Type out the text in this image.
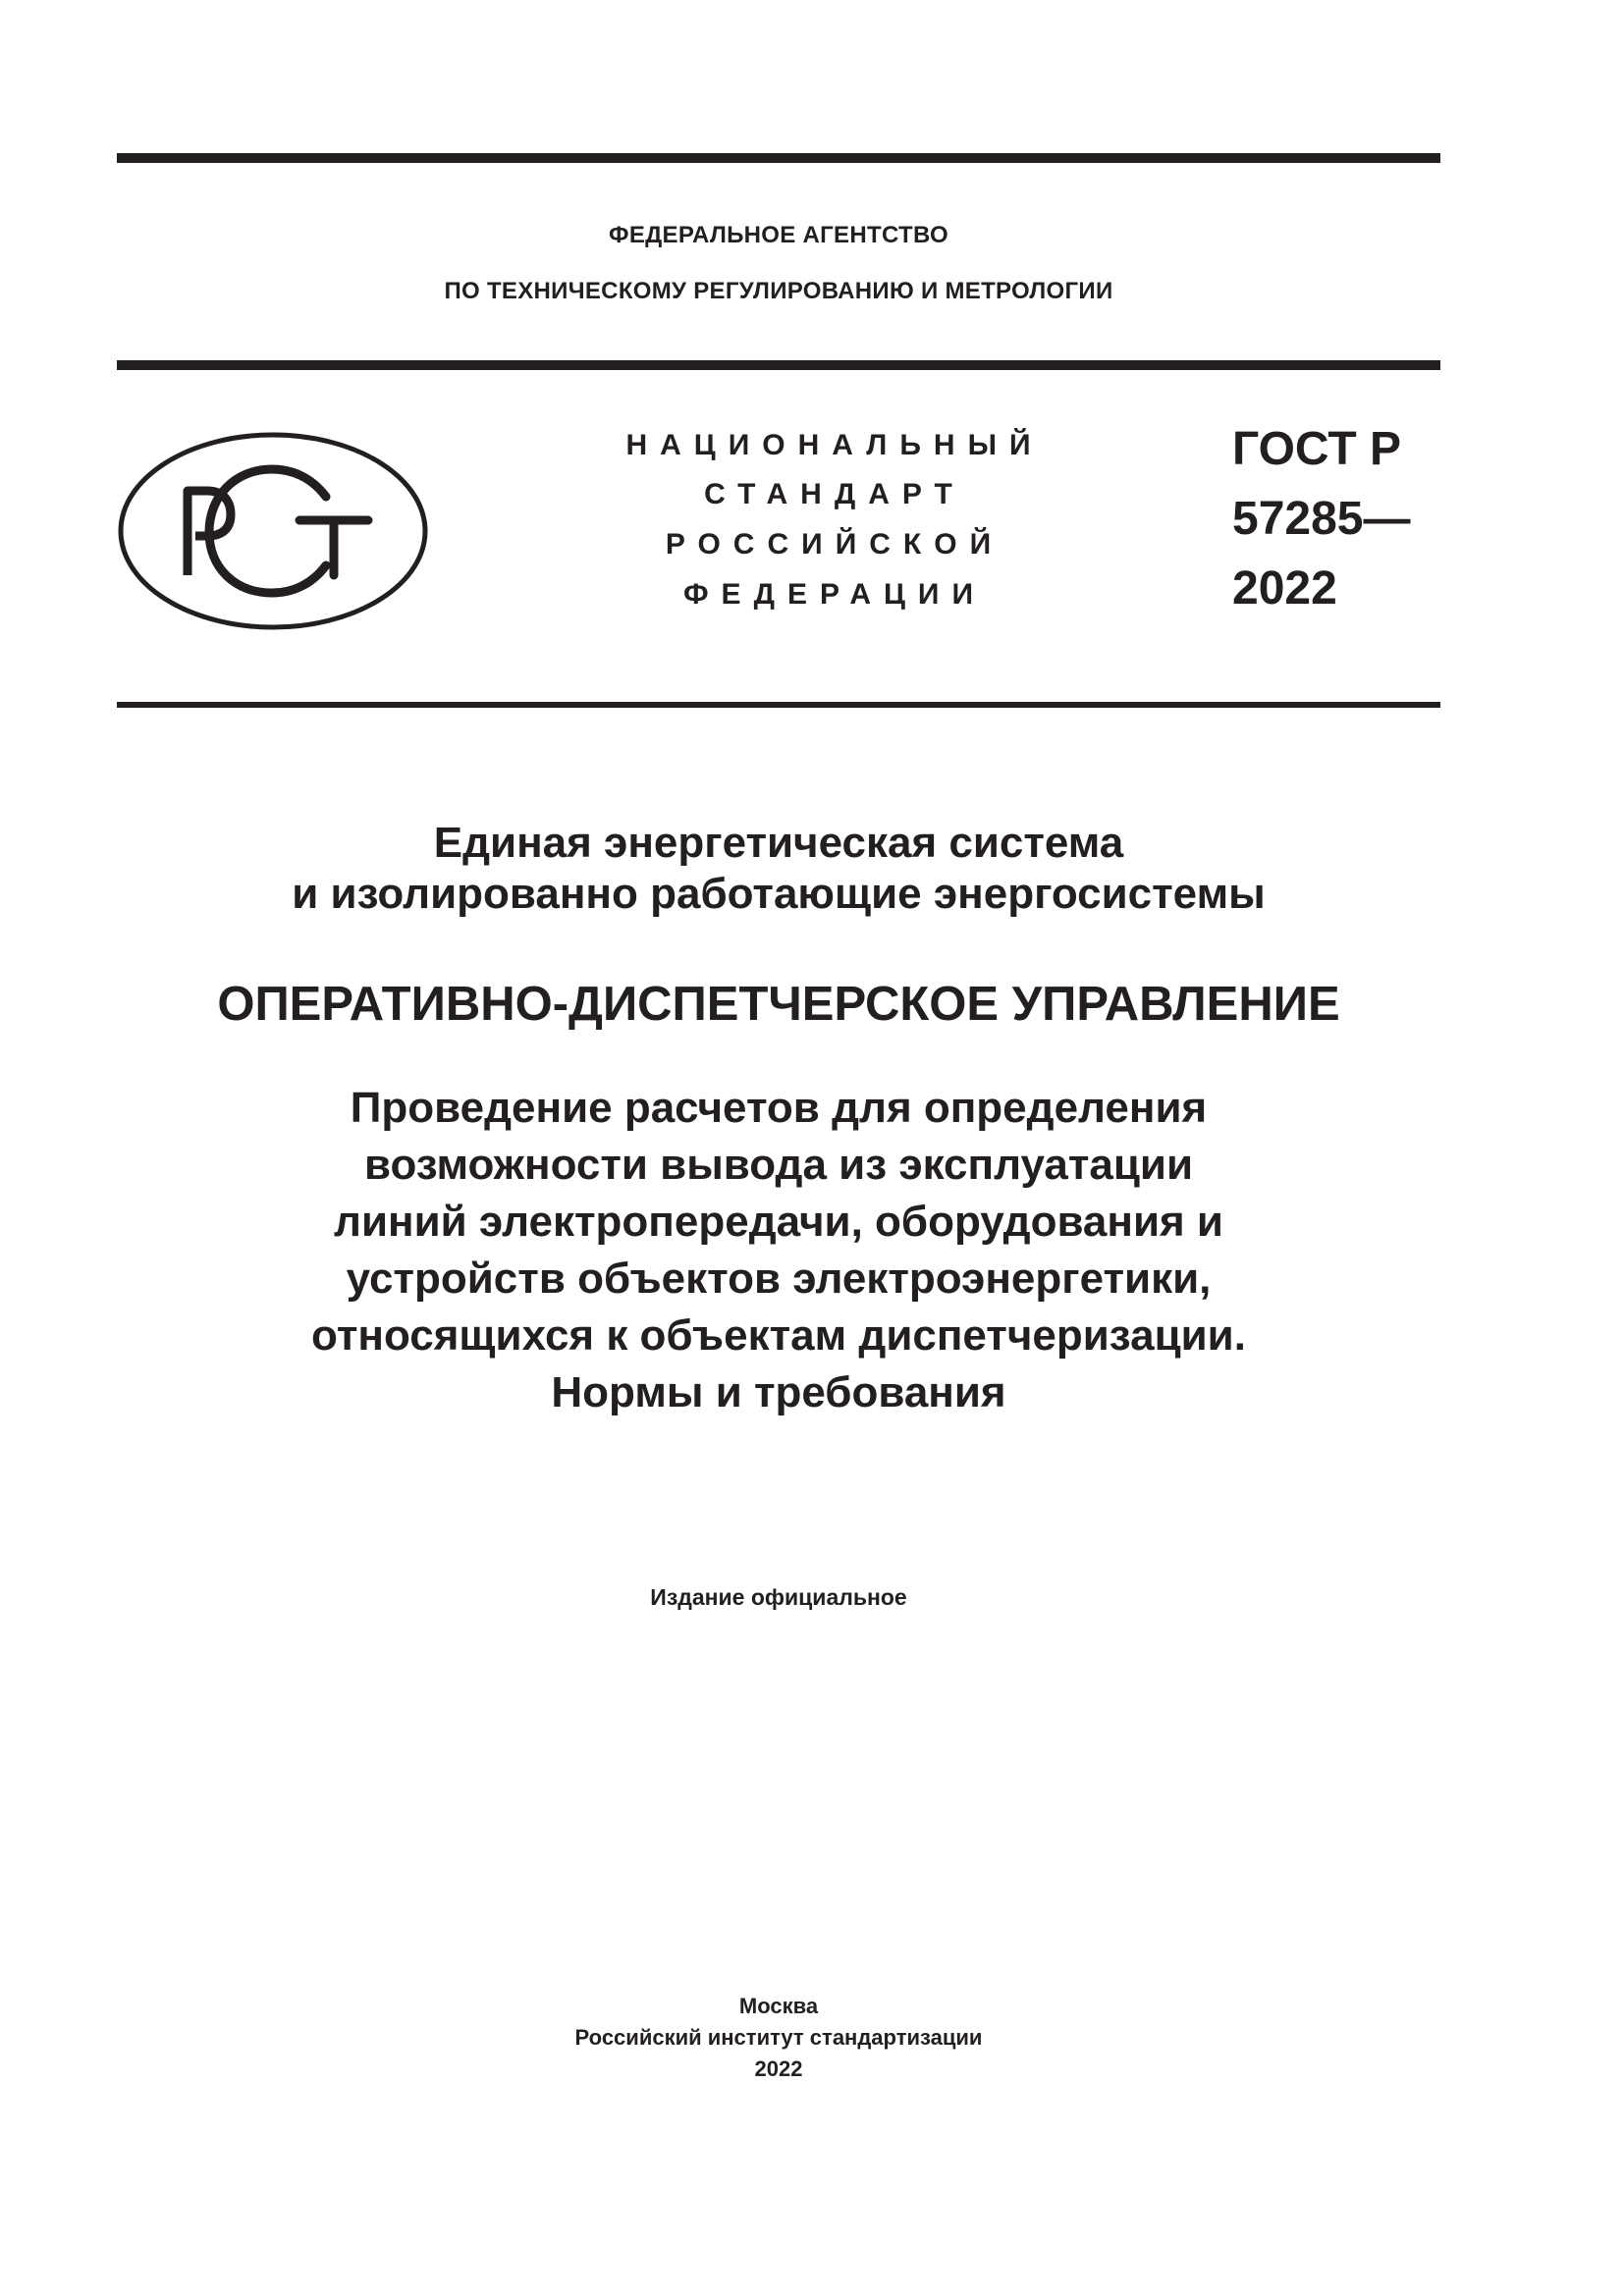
ФЕДЕРАЛЬНОЕ АГЕНТСТВО
ПО ТЕХНИЧЕСКОМУ РЕГУЛИРОВАНИЮ И МЕТРОЛОГИИ
НАЦИОНАЛЬНЫЙ
СТАНДАРТ
РОССИЙСКОЙ
ФЕДЕРАЦИИ
ГОСТ Р
57285—
2022
Единая энергетическая система
и изолированно работающие энергосистемы
ОПЕРАТИВНО-ДИСПЕТЧЕРСКОЕ УПРАВЛЕНИЕ
Проведение расчетов для определения
возможности вывода из эксплуатации
линий электропередачи, оборудования и
устройств объектов электроэнергетики,
относящихся к объектам диспетчеризации.
Нормы и требования
Издание официальное
Москва
Российский институт стандартизации
2022
